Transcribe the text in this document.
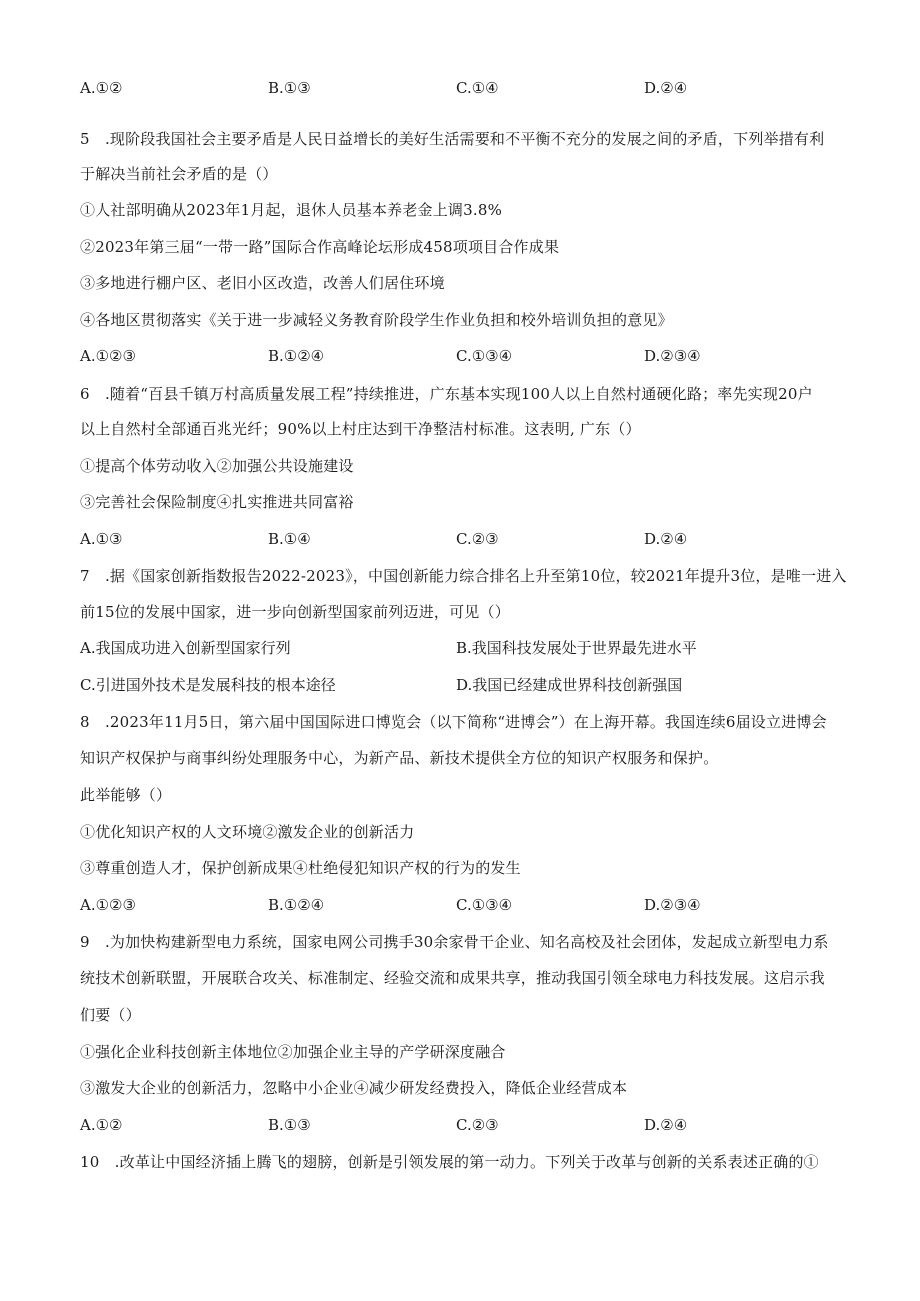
A.①②	B.①③	C.①④	D.②④
5　.现阶段我国社会主要矛盾是人民日益增长的美好生活需要和不平衡不充分的发展之间的矛盾，下列举措有利
于解决当前社会矛盾的是（）
①人社部明确从2023年1月起，退休人员基本养老金上调3.8%
②2023年第三届“一带一路”国际合作高峰论坛形成458项项目合作成果
③多地进行棚户区、老旧小区改造，改善人们居住环境
④各地区贯彻落实《关于进一步减轻义务教育阶段学生作业负担和校外培训负担的意见》
A.①②③	B.①②④	C.①③④	D.②③④
6　.随着“百县千镇万村高质量发展工程”持续推进，广东基本实现100人以上自然村通硬化路；率先实现20户
以上自然村全部通百兆光纤；90%以上村庄达到干净整洁村标准。这表明, 广东（）
①提高个体劳动收入②加强公共设施建设
③完善社会保险制度④扎实推进共同富裕
A.①③	B.①④	C.②③	D.②④
7　.据《国家创新指数报告2022-2023》，中国创新能力综合排名上升至第10位，较2021年提升3位，是唯一进入
前15位的发展中国家，进一步向创新型国家前列迈进，可见（）
A.我国成功进入创新型国家行列	B.我国科技发展处于世界最先进水平
C.引进国外技术是发展科技的根本途径	D.我国已经建成世界科技创新强国
8　.2023年11月5日，第六届中国国际进口博览会（以下简称“进博会”）在上海开幕。我国连续6届设立进博会
知识产权保护与商事纠纷处理服务中心，为新产品、新技术提供全方位的知识产权服务和保护。
此举能够（）
①优化知识产权的人文环境②激发企业的创新活力
③尊重创造人才，保护创新成果④杜绝侵犯知识产权的行为的发生
A.①②③	B.①②④	C.①③④	D.②③④
9　.为加快构建新型电力系统，国家电网公司携手30余家骨干企业、知名高校及社会团体，发起成立新型电力系
统技术创新联盟，开展联合攻关、标准制定、经验交流和成果共享，推动我国引领全球电力科技发展。这启示我
们要（）
①强化企业科技创新主体地位②加强企业主导的产学研深度融合
③激发大企业的创新活力，忽略中小企业④减少研发经费投入，降低企业经营成本
A.①②	B.①③	C.②③	D.②④
10　.改革让中国经济插上腾飞的翅膀，创新是引领发展的第一动力。下列关于改革与创新的关系表述正确的①
